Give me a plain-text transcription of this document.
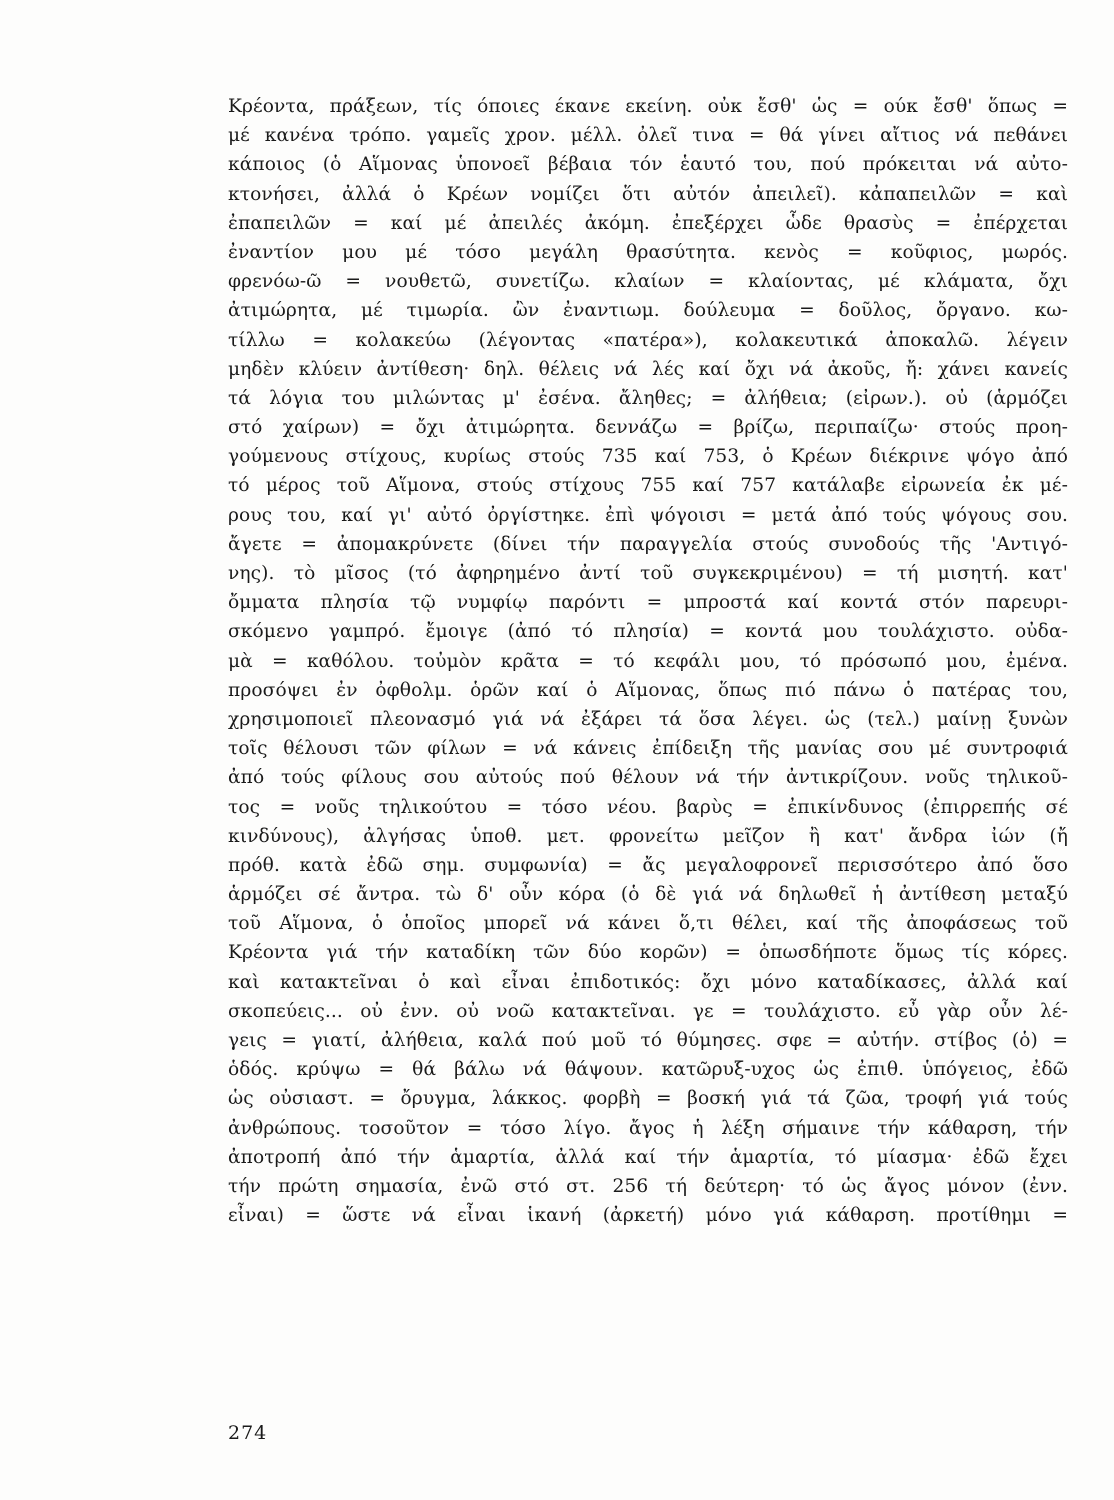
Κρέοντα, πράξεων, τίς όποιες έκανε εκείνη. οὐκ ἔσθ' ὡς = ούκ ἔσθ' ὅπως =
μέ κανένα τρόπο. γαμεῖς χρον. μέλλ. ὀλεῖ τινα = θά γίνει αἴτιος νά πεθάνει
κάποιος (ὁ Αἵμονας ὑπονοεῖ βέβαια τόν ἑαυτό του, πού πρόκειται νά αὐτο-
κτονήσει, ἀλλά ὁ Κρέων νομίζει ὅτι αὐτόν ἀπειλεῖ). κἀπαπειλῶν = καὶ
ἐπαπειλῶν = καί μέ ἀπειλές ἀκόμη. ἐπεξέρχει ὧδε θρασὺς = ἐπέρχεται
ἐναντίον μου μέ τόσο μεγάλη θρασύτητα. κενὸς = κοῦφιος, μωρός.
φρενόω-ῶ = νουθετῶ, συνετίζω. κλαίων = κλαίοντας, μέ κλάματα, ὄχι
ἀτιμώρητα, μέ τιμωρία. ὢν ἐναντιωμ. δούλευμα = δοῦλος, ὄργανο. κω-
τίλλω = κολακεύω (λέγοντας «πατέρα»), κολακευτικά ἀποκαλῶ. λέγειν
μηδὲν κλύειν ἀντίθεση· δηλ. θέλεις νά λές καί ὄχι νά ἀκοῦς, ἤ: χάνει κανείς
τά λόγια του μιλώντας μ' ἐσένα. ἄληθες; = ἀλήθεια; (εἰρων.). οὐ (ἁρμόζει
στό χαίρων) = ὄχι ἀτιμώρητα. δεννάζω = βρίζω, περιπαίζω· στούς προη-
γούμενους στίχους, κυρίως στούς 735 καί 753, ὁ Κρέων διέκρινε ψόγο ἀπό
τό μέρος τοῦ Αἵμονα, στούς στίχους 755 καί 757 κατάλαβε εἰρωνεία ἐκ μέ-
ρους του, καί γι' αὐτό ὀργίστηκε. ἐπὶ ψόγοισι = μετά ἀπό τούς ψόγους σου.
ἄγετε = ἀπομακρύνετε (δίνει τήν παραγγελία στούς συνοδούς τῆς 'Αντιγό-
νης). τὸ μῖσος (τό ἀφηρημένο ἀντί τοῦ συγκεκριμένου) = τή μισητή. κατ'
ὄμματα πλησία τῷ νυμφίῳ παρόντι = μπροστά καί κοντά στόν παρευρι-
σκόμενο γαμπρό. ἔμοιγε (ἀπό τό πλησία) = κοντά μου τουλάχιστο. οὐδα-
μὰ = καθόλου. τοὐμὸν κρᾶτα = τό κεφάλι μου, τό πρόσωπό μου, ἐμένα.
προσόψει ἐν ὀφθολμ. ὁρῶν καί ὁ Αἵμονας, ὅπως πιό πάνω ὁ πατέρας του,
χρησιμοποιεῖ πλεονασμό γιά νά ἐξάρει τά ὅσα λέγει. ὡς (τελ.) μαίνῃ ξυνὼν
τοῖς θέλουσι τῶν φίλων = νά κάνεις ἐπίδειξη τῆς μανίας σου μέ συντροφιά
ἀπό τούς φίλους σου αὐτούς πού θέλουν νά τήν ἀντικρίζουν. νοῦς τηλικοῦ-
τος = νοῦς τηλικούτου = τόσο νέου. βαρὺς = ἐπικίνδυνος (ἐπιρρεπής σέ
κινδύνους), ἀλγήσας ὑποθ. μετ. φρονείτω μεῖζον ἢ κατ' ἄνδρα ἰών (ἤ
πρόθ. κατὰ ἐδῶ σημ. συμφωνία) = ἄς μεγαλοφρονεῖ περισσότερο ἀπό ὅσο
ἁρμόζει σέ ἄντρα. τὼ δ' οὖν κόρα (ὁ δὲ γιά νά δηλωθεῖ ἡ ἀντίθεση μεταξύ
τοῦ Αἵμονα, ὁ ὁποῖος μπορεῖ νά κάνει ὅ,τι θέλει, καί τῆς ἀποφάσεως τοῦ
Κρέοντα γιά τήν καταδίκη τῶν δύο κορῶν) = ὁπωσδήποτε ὅμως τίς κόρες.
καὶ κατακτεῖναι ὁ καὶ εἶναι ἐπιδοτικός: ὄχι μόνο καταδίκασες, ἀλλά καί
σκοπεύεις... οὐ ἐνν. οὐ νοῶ κατακτεῖναι. γε = τουλάχιστο. εὖ γὰρ οὖν λέ-
γεις = γιατί, ἀλήθεια, καλά πού μοῦ τό θύμησες. σφε = αὐτήν. στίβος (ὁ) =
ὁδός. κρύψω = θά βάλω νά θάψουν. κατῶρυξ-υχος ὡς ἐπιθ. ὑπόγειος, ἐδῶ
ὡς οὐσιαστ. = ὄρυγμα, λάκκος. φορβὴ = βοσκή γιά τά ζῶα, τροφή γιά τούς
ἀνθρώπους. τοσοῦτον = τόσο λίγο. ἄγος ἡ λέξη σήμαινε τήν κάθαρση, τήν
ἀποτροπή ἀπό τήν ἁμαρτία, ἀλλά καί τήν ἁμαρτία, τό μίασμα· ἐδῶ ἔχει
τήν πρώτη σημασία, ἐνῶ στό στ. 256 τή δεύτερη· τό ὡς ἄγος μόνον (ἐνν.
εἶναι) = ὥστε νά εἶναι ἱκανή (ἀρκετή) μόνο γιά κάθαρση. προτίθημι =
274
